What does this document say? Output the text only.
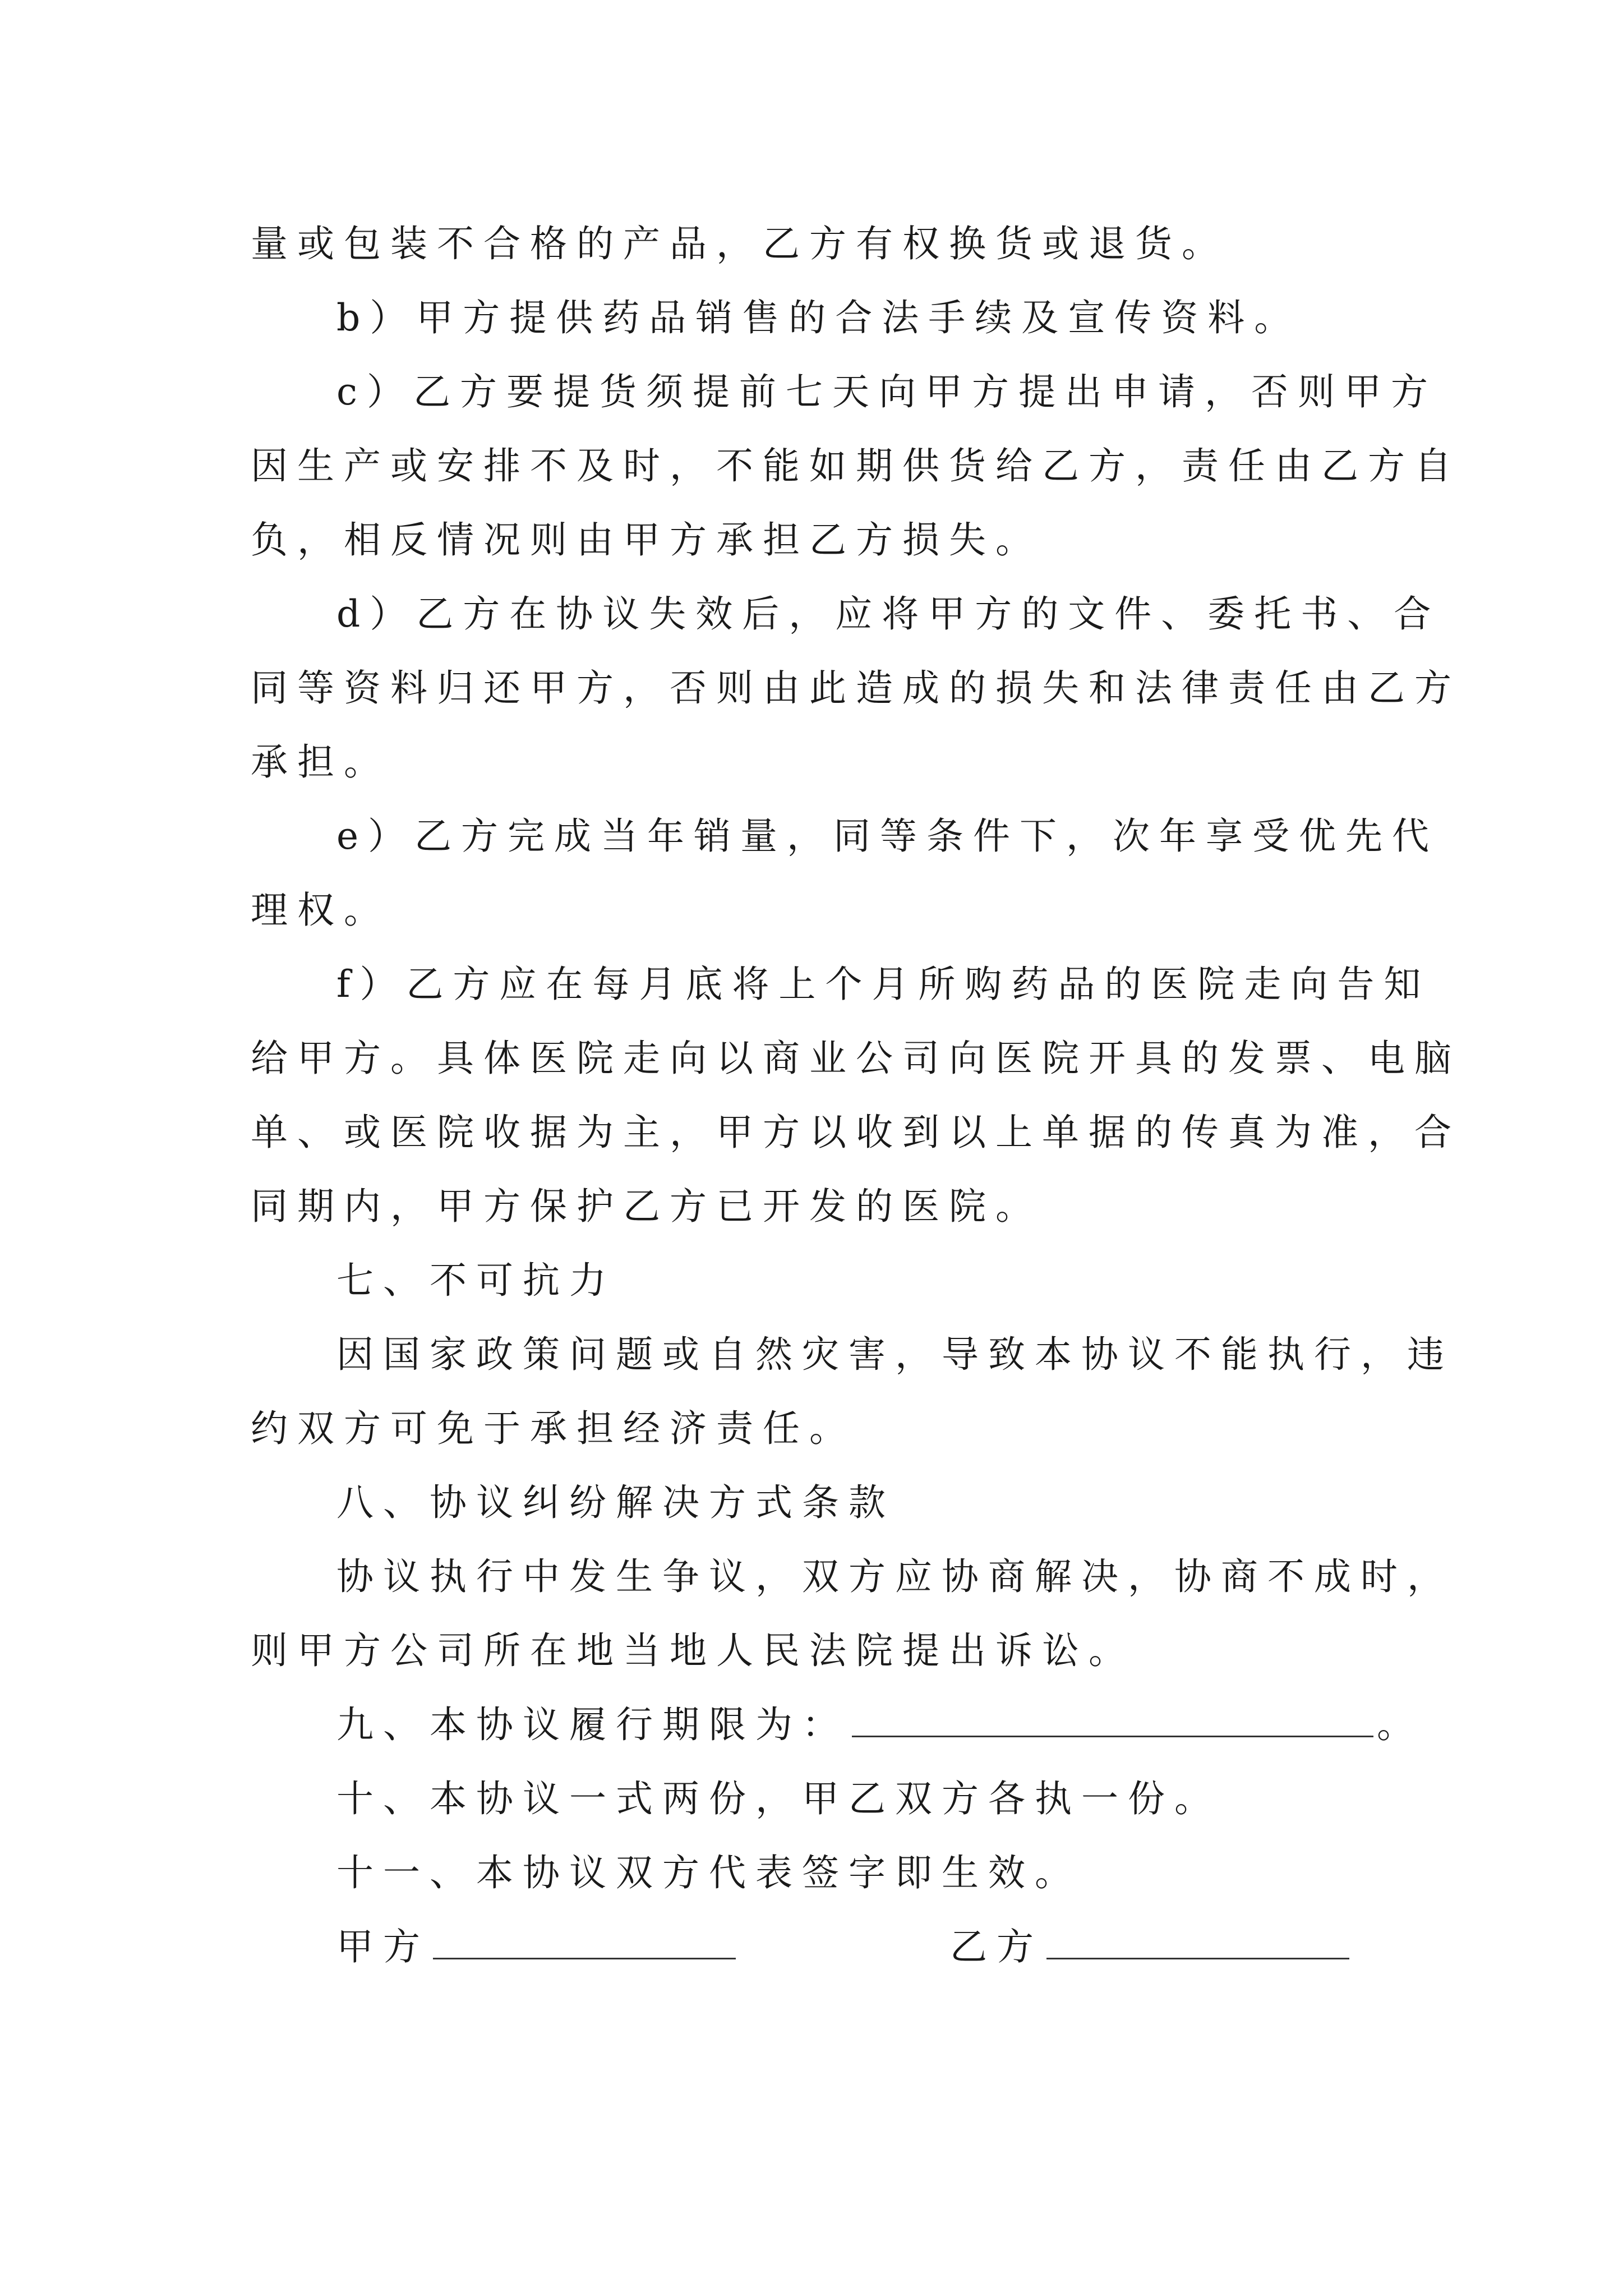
量或包装不合格的产品，乙方有权换货或退货。
b）甲方提供药品销售的合法手续及宣传资料。
c）乙方要提货须提前七天向甲方提出申请，否则甲方
因生产或安排不及时，不能如期供货给乙方，责任由乙方自
负，相反情况则由甲方承担乙方损失。
d）乙方在协议失效后，应将甲方的文件、委托书、合
同等资料归还甲方，否则由此造成的损失和法律责任由乙方
承担。
e）乙方完成当年销量，同等条件下，次年享受优先代
理权。
f）乙方应在每月底将上个月所购药品的医院走向告知
给甲方。具体医院走向以商业公司向医院开具的发票、电脑
单、或医院收据为主，甲方以收到以上单据的传真为准，合
同期内，甲方保护乙方已开发的医院。
七、不可抗力
因国家政策问题或自然灾害，导致本协议不能执行，违
约双方可免于承担经济责任。
八、协议纠纷解决方式条款
协议执行中发生争议，双方应协商解决，协商不成时，
则甲方公司所在地当地人民法院提出诉讼。
九、本协议履行期限为：	。
十、本协议一式两份，甲乙双方各执一份。
十一、本协议双方代表签字即生效。
甲方	乙方
